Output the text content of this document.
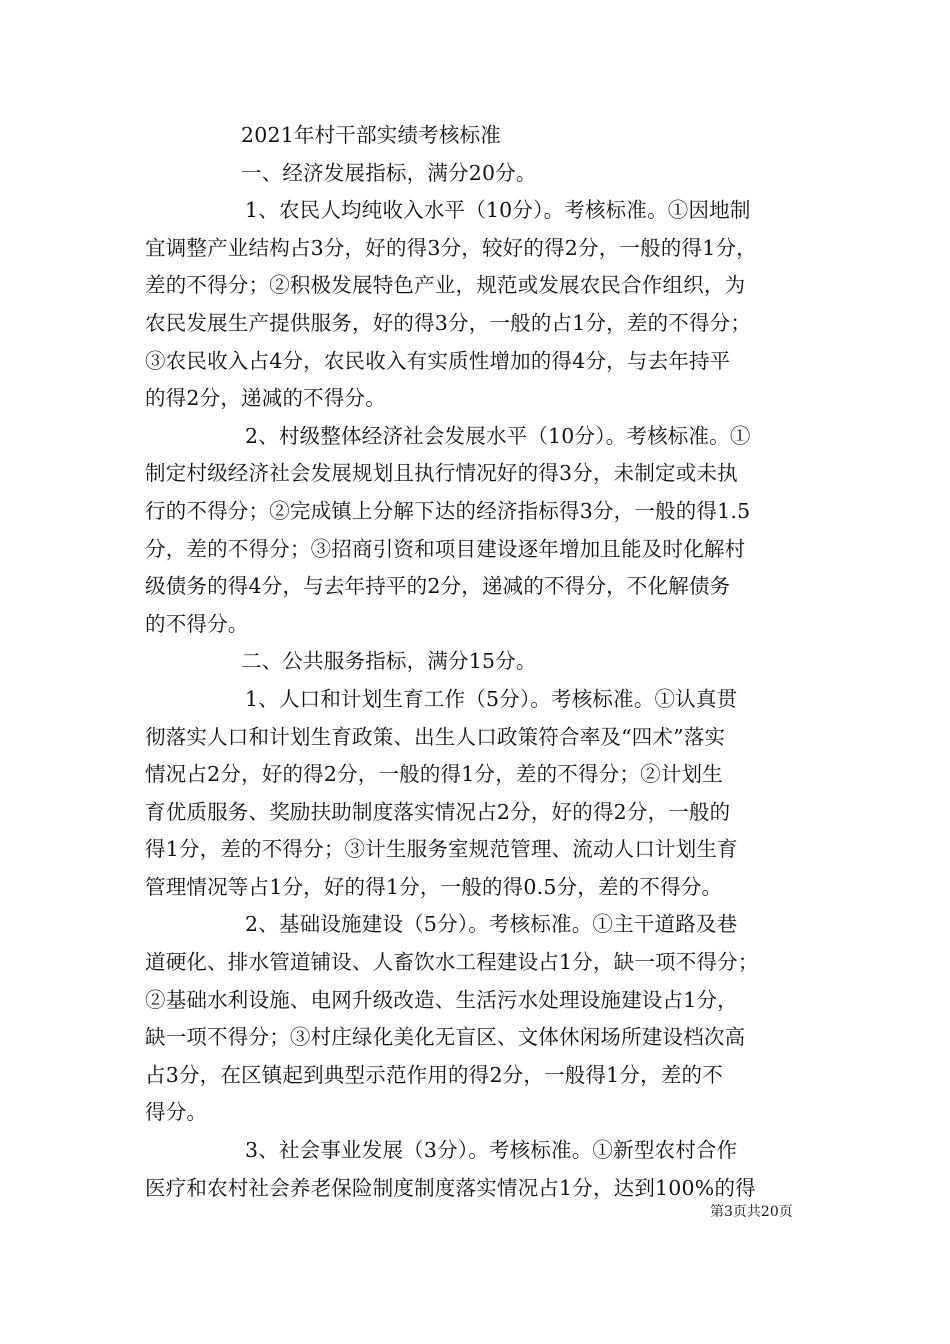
2021年村干部实绩考核标准
一、经济发展指标，满分20分。
1、农民人均纯收入水平（10分）。考核标准。①因地制
宜调整产业结构占3分，好的得3分，较好的得2分，一般的得1分，
差的不得分；②积极发展特色产业，规范或发展农民合作组织，为
农民发展生产提供服务，好的得3分，一般的占1分，差的不得分；
③农民收入占4分，农民收入有实质性增加的得4分，与去年持平
的得2分，递减的不得分。
2、村级整体经济社会发展水平（10分）。考核标准。①
制定村级经济社会发展规划且执行情况好的得3分，未制定或未执
行的不得分；②完成镇上分解下达的经济指标得3分，一般的得1.5
分，差的不得分；③招商引资和项目建设逐年增加且能及时化解村
级债务的得4分，与去年持平的2分，递减的不得分，不化解债务
的不得分。
二、公共服务指标，满分15分。
1、人口和计划生育工作（5分）。考核标准。①认真贯
彻落实人口和计划生育政策、出生人口政策符合率及“四术”落实
情况占2分，好的得2分，一般的得1分，差的不得分；②计划生
育优质服务、奖励扶助制度落实情况占2分，好的得2分，一般的
得1分，差的不得分；③计生服务室规范管理、流动人口计划生育
管理情况等占1分，好的得1分，一般的得0.5分，差的不得分。
2、基础设施建设（5分）。考核标准。①主干道路及巷
道硬化、排水管道铺设、人畜饮水工程建设占1分，缺一项不得分；
②基础水利设施、电网升级改造、生活污水处理设施建设占1分，
缺一项不得分；③村庄绿化美化无盲区、文体休闲场所建设档次高
占3分，在区镇起到典型示范作用的得2分，一般得1分，差的不
得分。
3、社会事业发展（3分）。考核标准。①新型农村合作
医疗和农村社会养老保险制度制度落实情况占1分，达到100%的得
第3页共20页
